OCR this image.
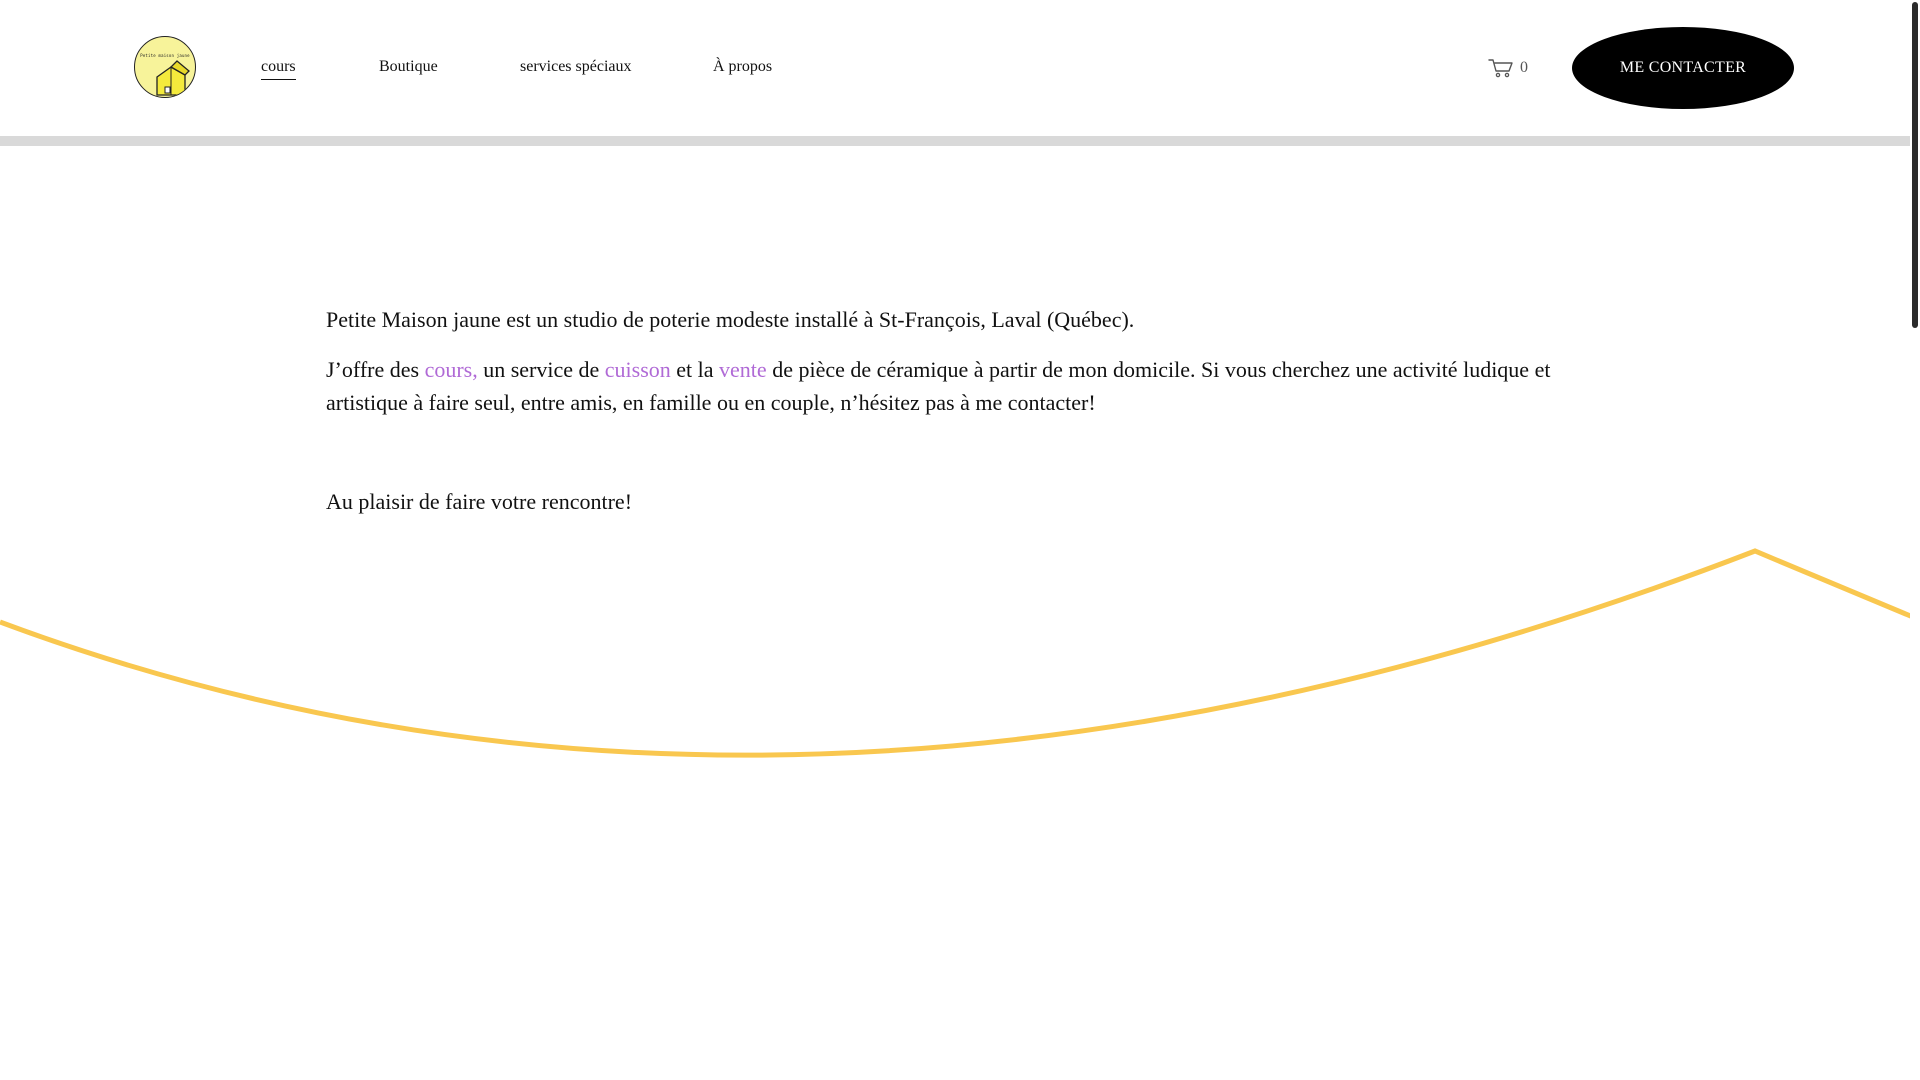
Petite maison jaune
cours	Boutique	services spéciaux	À propos	0	ME CONTACTER

Petite Maison jaune est un studio de poterie modeste installé à St-François, Laval (Québec).

J’offre des cours, un service de cuisson et la vente de pièce de céramique à partir de mon domicile. Si vous cherchez une activité ludique et artistique à faire seul, entre amis, en famille ou en couple, n’hésitez pas à me contacter!

Au plaisir de faire votre rencontre!
